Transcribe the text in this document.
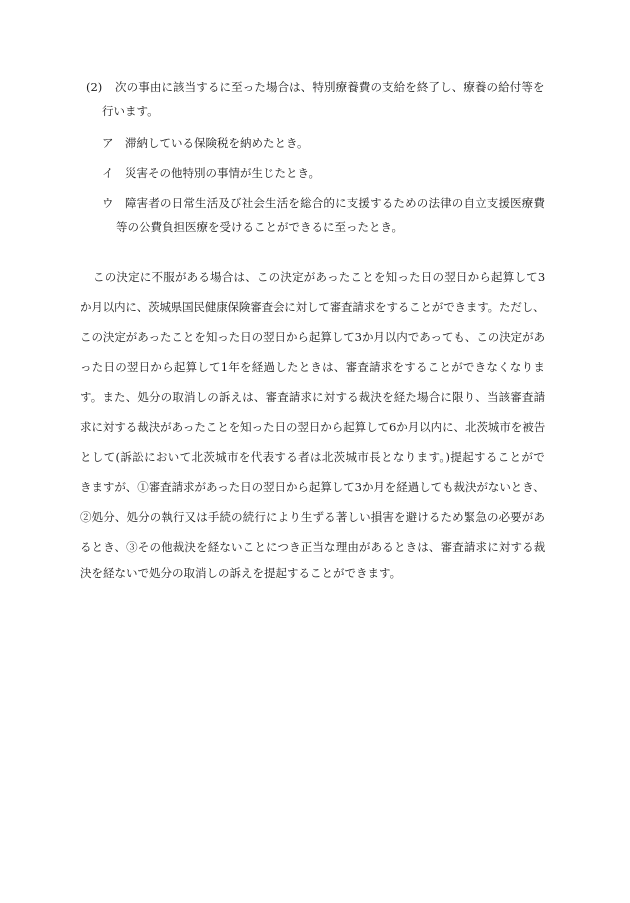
(2) 次の事由に該当するに至った場合は、特別療養費の支給を終了し、療養の給付等を
行います。
ア 滞納している保険税を納めたとき。
イ 災害その他特別の事情が生じたとき。
ウ 障害者の日常生活及び社会生活を総合的に支援するための法律の自立支援医療費
等の公費負担医療を受けることができるに至ったとき。
この決定に不服がある場合は、この決定があったことを知った日の翌日から起算して3
か月以内に、茨城県国民健康保険審査会に対して審査請求をすることができます。ただし、
この決定があったことを知った日の翌日から起算して3か月以内であっても、この決定があ
った日の翌日から起算して1年を経過したときは、審査請求をすることができなくなりま
す。また、処分の取消しの訴えは、審査請求に対する裁決を経た場合に限り、当該審査請
求に対する裁決があったことを知った日の翌日から起算して6か月以内に、北茨城市を被告
として(訴訟において北茨城市を代表する者は北茨城市長となります。)提起することがで
きますが、①審査請求があった日の翌日から起算して3か月を経過しても裁決がないとき、
②処分、処分の執行又は手続の続行により生ずる著しい損害を避けるため緊急の必要があ
るとき、③その他裁決を経ないことにつき正当な理由があるときは、審査請求に対する裁
決を経ないで処分の取消しの訴えを提起することができます。
